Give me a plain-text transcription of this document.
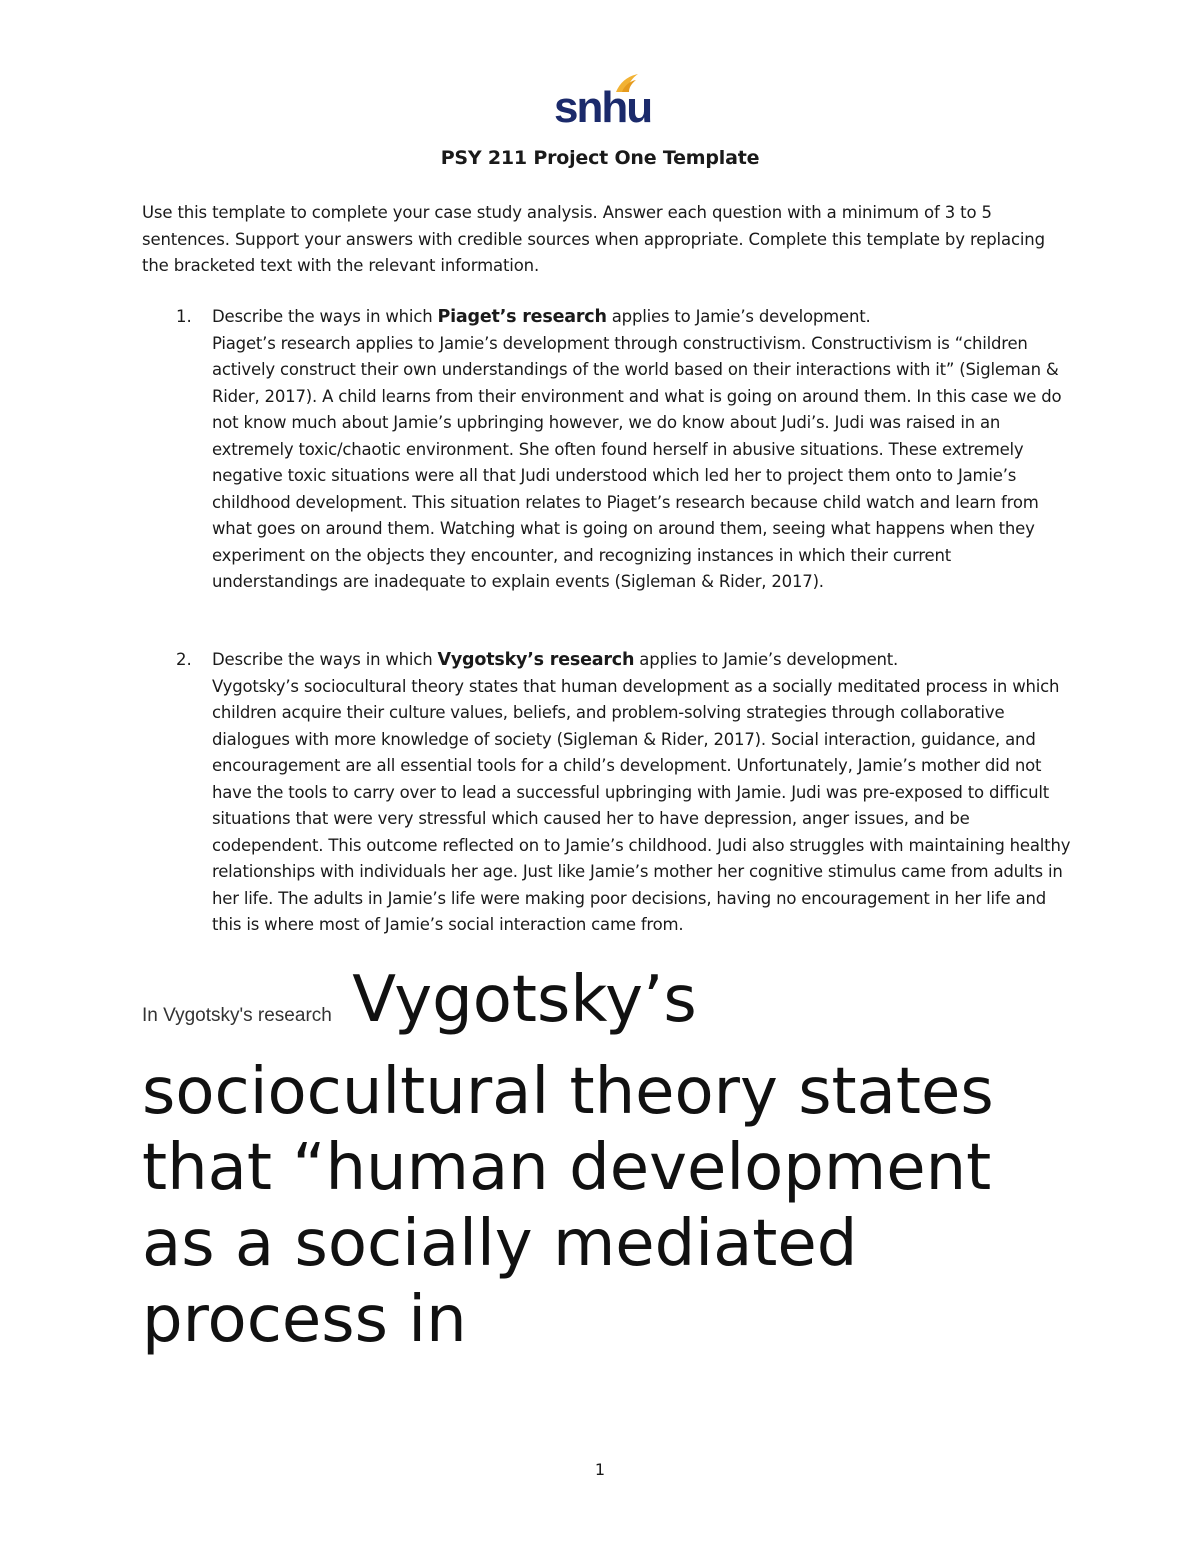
snhu
PSY 211 Project One Template

Use this template to complete your case study analysis. Answer each question with a minimum of 3 to 5 sentences. Support your answers with credible sources when appropriate. Complete this template by replacing the bracketed text with the relevant information.

1. Describe the ways in which Piaget’s research applies to Jamie’s development.

Piaget’s research applies to Jamie’s development through constructivism. Constructivism is “children actively construct their own understandings of the world based on their interactions with it” (Sigleman & Rider, 2017). A child learns from their environment and what is going on around them. In this case we do not know much about Jamie’s upbringing however, we do know about Judi’s. Judi was raised in an extremely toxic/chaotic environment. She often found herself in abusive situations. These extremely negative toxic situations were all that Judi understood which led her to project them onto to Jamie’s childhood development. This situation relates to Piaget’s research because child watch and learn from what goes on around them. Watching what is going on around them, seeing what happens when they experiment on the objects they encounter, and recognizing instances in which their current understandings are inadequate to explain events (Sigleman & Rider, 2017).

2. Describe the ways in which Vygotsky’s research applies to Jamie’s development.

Vygotsky’s sociocultural theory states that human development as a socially meditated process in which children acquire their culture values, beliefs, and problem-solving strategies through collaborative dialogues with more knowledge of society (Sigleman & Rider, 2017). Social interaction, guidance, and encouragement are all essential tools for a child’s development. Unfortunately, Jamie’s mother did not have the tools to carry over to lead a successful upbringing with Jamie. Judi was pre-exposed to difficult situations that were very stressful which caused her to have depression, anger issues, and be codependent. This outcome reflected on to Jamie’s childhood. Judi also struggles with maintaining healthy relationships with individuals her age. Just like Jamie’s mother her cognitive stimulus came from adults in her life. The adults in Jamie’s life were making poor decisions, having no encouragement in her life and this is where most of Jamie’s social interaction came from.

In Vygotsky's research Vygotsky’s sociocultural theory states that “human development as a socially mediated process in

1
